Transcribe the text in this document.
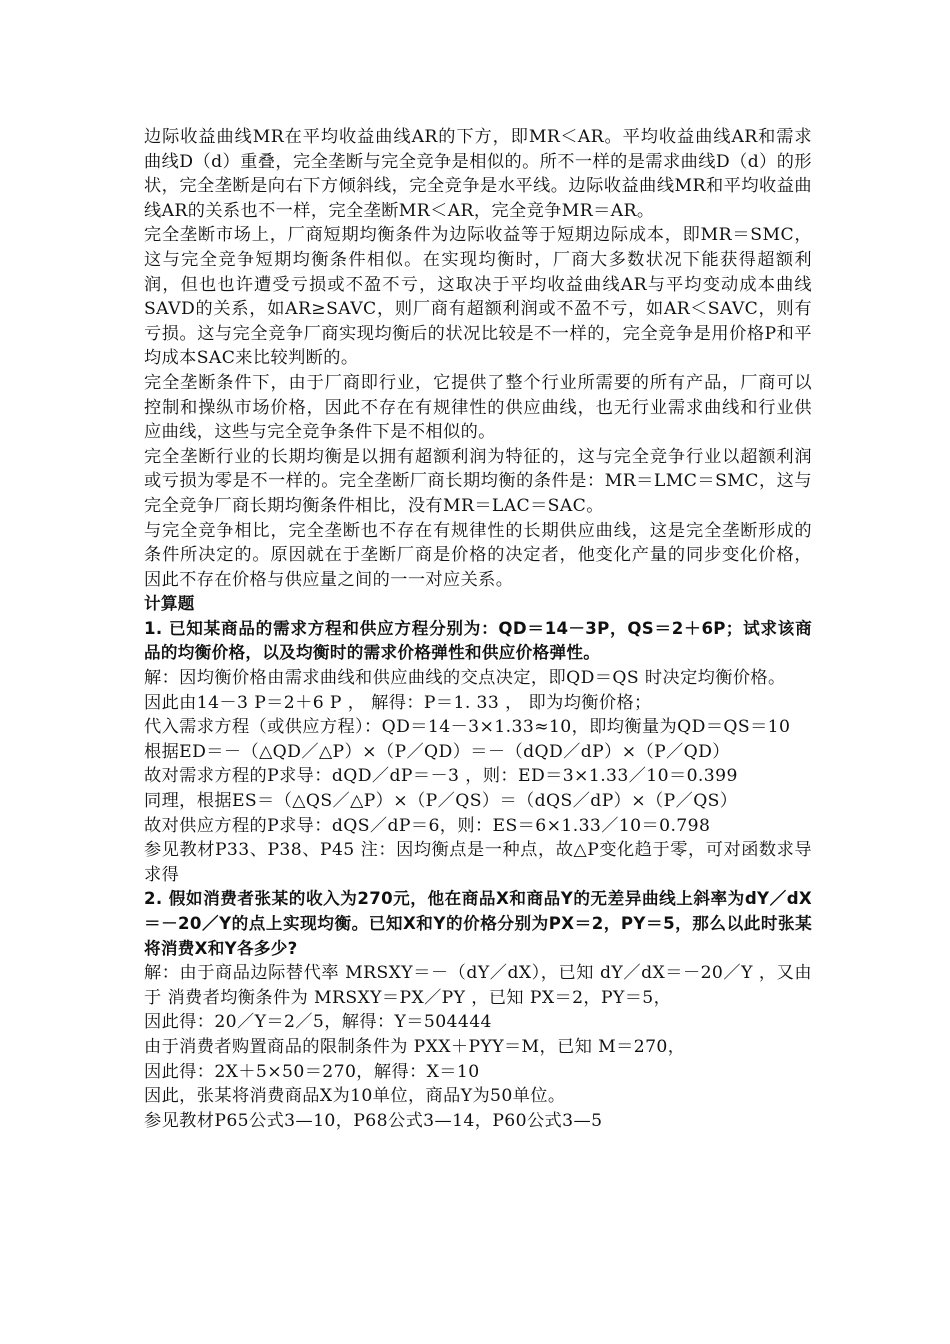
边际收益曲线MR在平均收益曲线AR的下方，即MR＜AR。平均收益曲线AR和需求曲线D（d）重叠，完全垄断与完全竞争是相似的。所不一样的是需求曲线D（d）的形状，完全垄断是向右下方倾斜线，完全竞争是水平线。边际收益曲线MR和平均收益曲线AR的关系也不一样，完全垄断MR＜AR，完全竞争MR＝AR。

完全垄断市场上，厂商短期均衡条件为边际收益等于短期边际成本，即MR＝SMC，这与完全竞争短期均衡条件相似。在实现均衡时，厂商大多数状况下能获得超额利润，但也也许遭受亏损或不盈不亏，这取决于平均收益曲线AR与平均变动成本曲线SAVD的关系，如AR≥SAVC，则厂商有超额利润或不盈不亏，如AR＜SAVC，则有亏损。这与完全竞争厂商实现均衡后的状况比较是不一样的，完全竞争是用价格P和平均成本SAC来比较判断的。

完全垄断条件下，由于厂商即行业，它提供了整个行业所需要的所有产品，厂商可以控制和操纵市场价格，因此不存在有规律性的供应曲线，也无行业需求曲线和行业供应曲线，这些与完全竞争条件下是不相似的。

完全垄断行业的长期均衡是以拥有超额利润为特征的，这与完全竞争行业以超额利润或亏损为零是不一样的。完全垄断厂商长期均衡的条件是：MR＝LMC＝SMC，这与完全竞争厂商长期均衡条件相比，没有MR＝LAC＝SAC。

与完全竞争相比，完全垄断也不存在有规律性的长期供应曲线，这是完全垄断形成的条件所决定的。原因就在于垄断厂商是价格的决定者，他变化产量的同步变化价格，因此不存在价格与供应量之间的一一对应关系。

计算题

1. 已知某商品的需求方程和供应方程分别为：QD＝14－3P，QS＝2＋6P；试求该商品的均衡价格，以及均衡时的需求价格弹性和供应价格弹性。

解：因均衡价格由需求曲线和供应曲线的交点决定，即QD＝QS 时决定均衡价格。

因此由14－3 P＝2＋6 P ， 解得：P＝1. 33 ， 即为均衡价格；

代入需求方程（或供应方程）：QD＝14－3×1.33≈10，即均衡量为QD＝QS＝10

根据ED＝－（△QD／△P）×（P／QD）＝－（dQD／dP）×（P／QD）

故对需求方程的P求导：dQD／dP＝－3 ，则：ED＝3×1.33／10＝0.399

同理，根据ES＝（△QS／△P）×（P／QS）＝（dQS／dP）×（P／QS）

故对供应方程的P求导：dQS／dP＝6，则：ES＝6×1.33／10＝0.798

参见教材P33、P38、P45 注：因均衡点是一种点，故△P变化趋于零，可对函数求导求得

2. 假如消费者张某的收入为270元，他在商品X和商品Y的无差异曲线上斜率为dY／dX＝－20／Y的点上实现均衡。已知X和Y的价格分别为PX＝2，PY＝5，那么以此时张某将消费X和Y各多少?

解：由于商品边际替代率 MRSXY＝－（dY／dX），已知 dY／dX＝－20／Y ，又由于 消费者均衡条件为 MRSXY＝PX／PY ，已知 PX＝2，PY＝5，

因此得：20／Y＝2／5，解得：Y＝504444

由于消费者购置商品的限制条件为 PXX＋PYY＝M，已知 M＝270，

因此得：2X＋5×50＝270，解得：X＝10

因此，张某将消费商品X为10单位，商品Y为50单位。

参见教材P65公式3—10，P68公式3—14，P60公式3—5
